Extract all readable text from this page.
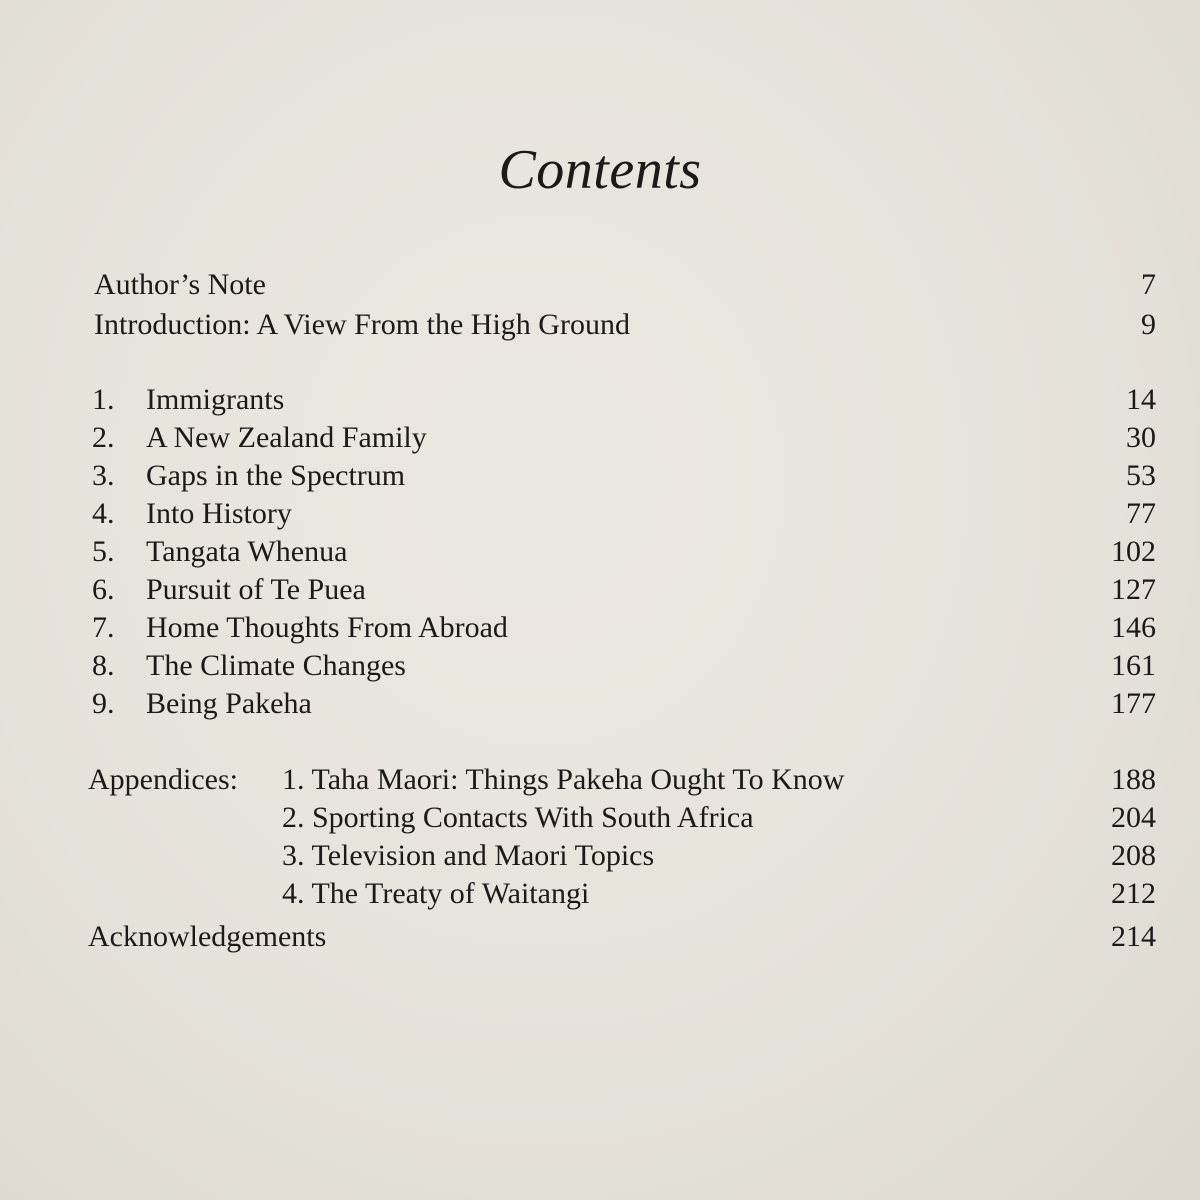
Contents
Author’s Note	7
Introduction: A View From the High Ground	9
1. Immigrants	14
2. A New Zealand Family	30
3. Gaps in the Spectrum	53
4. Into History	77
5. Tangata Whenua	102
6. Pursuit of Te Puea	127
7. Home Thoughts From Abroad	146
8. The Climate Changes	161
9. Being Pakeha	177
Appendices: 1. Taha Maori: Things Pakeha Ought To Know	188
2. Sporting Contacts With South Africa	204
3. Television and Maori Topics	208
4. The Treaty of Waitangi	212
Acknowledgements	214
